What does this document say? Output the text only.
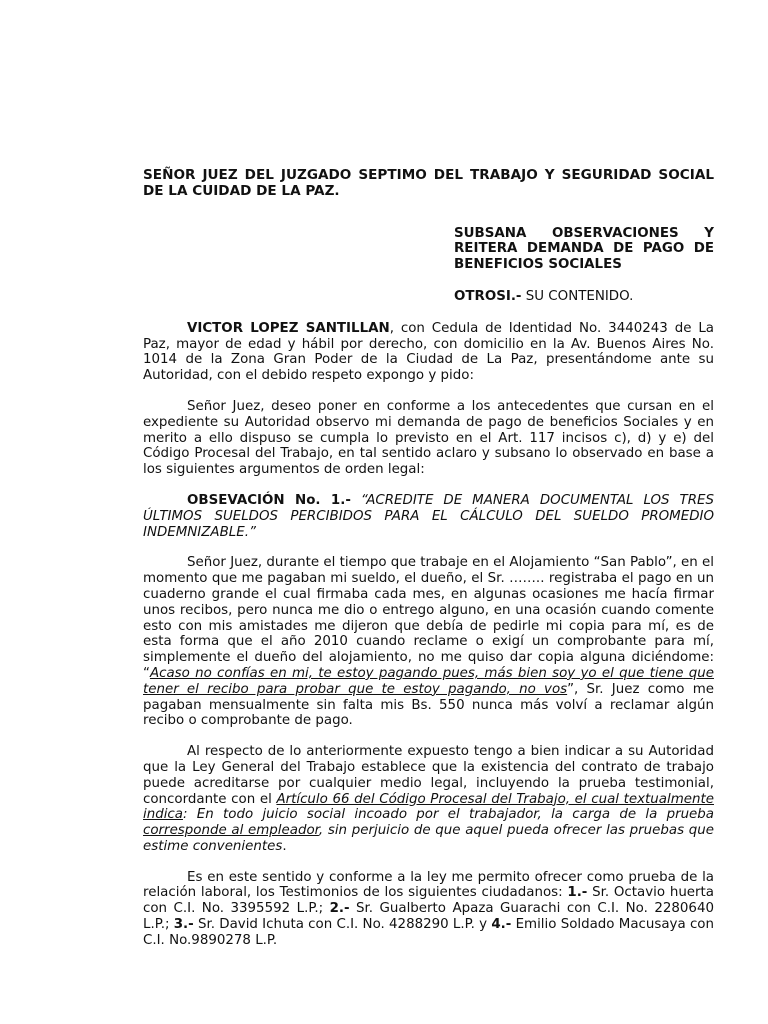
SEÑOR JUEZ DEL JUZGADO SEPTIMO DEL TRABAJO Y SEGURIDAD SOCIAL DE LA CUIDAD DE LA PAZ.

SUBSANA OBSERVACIONES Y REITERA DEMANDA DE PAGO DE BENEFICIOS SOCIALES

OTROSI.- SU CONTENIDO.

VICTOR LOPEZ SANTILLAN, con Cedula de Identidad No. 3440243 de La Paz, mayor de edad y hábil por derecho, con domicilio en la Av. Buenos Aires No. 1014 de la Zona Gran Poder de la Ciudad de La Paz, presentándome ante su Autoridad, con el debido respeto expongo y pido:

Señor Juez, deseo poner en conforme a los antecedentes que cursan en el expediente su Autoridad observo mi demanda de pago de beneficios Sociales y en merito a ello dispuso se cumpla lo previsto en el Art. 117 incisos c), d) y e) del Código Procesal del Trabajo, en tal sentido aclaro y subsano lo observado en base a los siguientes argumentos de orden legal:

OBSEVACIÓN No. 1.- “ACREDITE DE MANERA DOCUMENTAL LOS TRES ÚLTIMOS SUELDOS PERCIBIDOS PARA EL CÁLCULO DEL SUELDO PROMEDIO INDEMNIZABLE.”

Señor Juez, durante el tiempo que trabaje en el Alojamiento “San Pablo”, en el momento que me pagaban mi sueldo, el dueño, el Sr. …….. registraba el pago en un cuaderno grande el cual firmaba cada mes, en algunas ocasiones me hacía firmar unos recibos, pero nunca me dio o entrego alguno, en una ocasión cuando comente esto con mis amistades me dijeron que debía de pedirle mi copia para mí, es de esta forma que el año 2010 cuando reclame o exigí un comprobante para mí, simplemente el dueño del alojamiento, no me quiso dar copia alguna diciéndome: “Acaso no confías en mi, te estoy pagando pues, más bien soy yo el que tiene que tener el recibo para probar que te estoy pagando, no vos”, Sr. Juez como me pagaban mensualmente sin falta mis Bs. 550 nunca más volví a reclamar algún recibo o comprobante de pago.

Al respecto de lo anteriormente expuesto tengo a bien indicar a su Autoridad que la Ley General del Trabajo establece que la existencia del contrato de trabajo puede acreditarse por cualquier medio legal, incluyendo la prueba testimonial, concordante con el Artículo 66 del Código Procesal del Trabajo, el cual textualmente indica: En todo juicio social incoado por el trabajador, la carga de la prueba corresponde al empleador, sin perjuicio de que aquel pueda ofrecer las pruebas que estime convenientes.

Es en este sentido y conforme a la ley me permito ofrecer como prueba de la relación laboral, los Testimonios de los siguientes ciudadanos: 1.- Sr. Octavio huerta con C.I. No. 3395592 L.P.; 2.- Sr. Gualberto Apaza Guarachi con C.I. No. 2280640 L.P.; 3.- Sr. David Ichuta con C.I. No. 4288290 L.P. y 4.- Emilio Soldado Macusaya con C.I. No.9890278 L.P.
